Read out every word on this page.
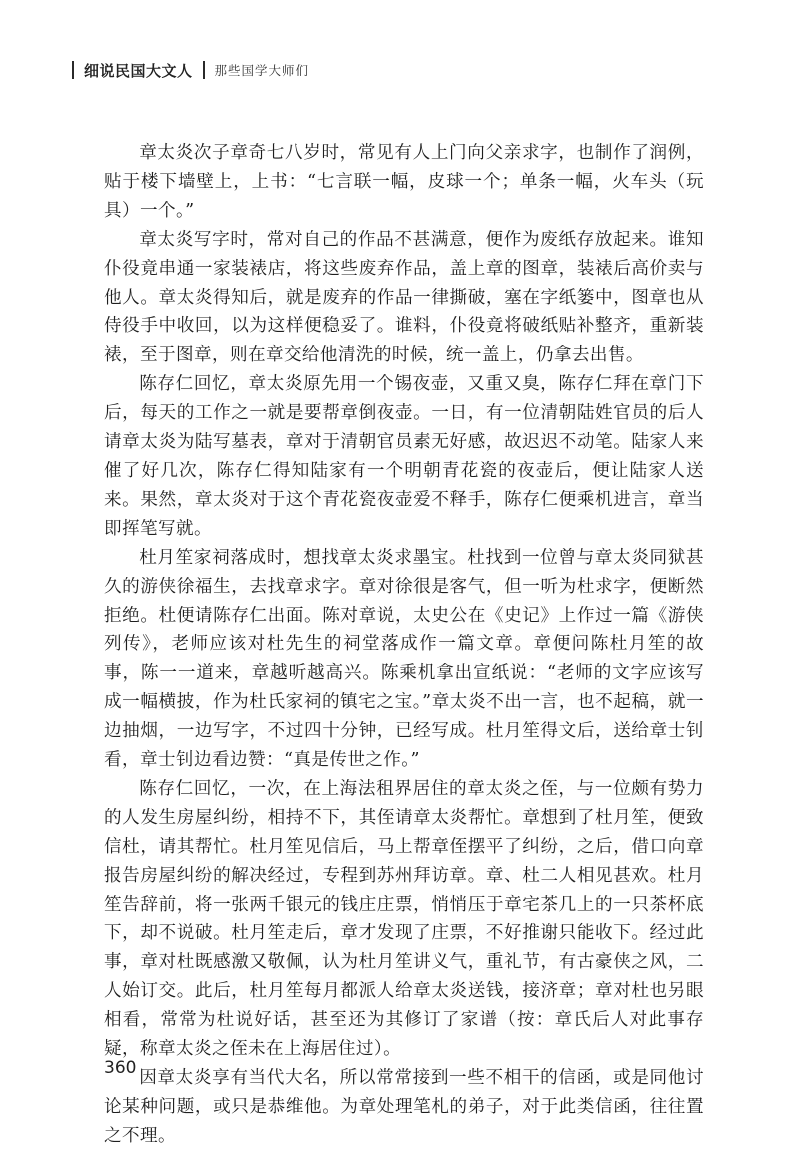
细说民国大文人 那些国学大师们

章太炎次子章奇七八岁时，常见有人上门向父亲求字，也制作了润例，贴于楼下墙壁上，上书：“七言联一幅，皮球一个；单条一幅，火车头（玩具）一个。”

章太炎写字时，常对自己的作品不甚满意，便作为废纸存放起来。谁知仆役竟串通一家装裱店，将这些废弃作品，盖上章的图章，装裱后高价卖与他人。章太炎得知后，就是废弃的作品一律撕破，塞在字纸篓中，图章也从侍役手中收回，以为这样便稳妥了。谁料，仆役竟将破纸贴补整齐，重新装裱，至于图章，则在章交给他清洗的时候，统一盖上，仍拿去出售。

陈存仁回忆，章太炎原先用一个锡夜壶，又重又臭，陈存仁拜在章门下后，每天的工作之一就是要帮章倒夜壶。一日，有一位清朝陆姓官员的后人请章太炎为陆写墓表，章对于清朝官员素无好感，故迟迟不动笔。陆家人来催了好几次，陈存仁得知陆家有一个明朝青花瓷的夜壶后，便让陆家人送来。果然，章太炎对于这个青花瓷夜壶爱不释手，陈存仁便乘机进言，章当即挥笔写就。

杜月笙家祠落成时，想找章太炎求墨宝。杜找到一位曾与章太炎同狱甚久的游侠徐福生，去找章求字。章对徐很是客气，但一听为杜求字，便断然拒绝。杜便请陈存仁出面。陈对章说，太史公在《史记》上作过一篇《游侠列传》，老师应该对杜先生的祠堂落成作一篇文章。章便问陈杜月笙的故事，陈一一道来，章越听越高兴。陈乘机拿出宣纸说：“老师的文字应该写成一幅横披，作为杜氏家祠的镇宅之宝。”章太炎不出一言，也不起稿，就一边抽烟，一边写字，不过四十分钟，已经写成。杜月笙得文后，送给章士钊看，章士钊边看边赞：“真是传世之作。”

陈存仁回忆，一次，在上海法租界居住的章太炎之侄，与一位颇有势力的人发生房屋纠纷，相持不下，其侄请章太炎帮忙。章想到了杜月笙，便致信杜，请其帮忙。杜月笙见信后，马上帮章侄摆平了纠纷，之后，借口向章报告房屋纠纷的解决经过，专程到苏州拜访章。章、杜二人相见甚欢。杜月笙告辞前，将一张两千银元的钱庄庄票，悄悄压于章宅茶几上的一只茶杯底下，却不说破。杜月笙走后，章才发现了庄票，不好推谢只能收下。经过此事，章对杜既感激又敬佩，认为杜月笙讲义气，重礼节，有古豪侠之风，二人始订交。此后，杜月笙每月都派人给章太炎送钱，接济章；章对杜也另眼相看，常常为杜说好话，甚至还为其修订了家谱（按：章氏后人对此事存疑，称章太炎之侄未在上海居住过）。

因章太炎享有当代大名，所以常常接到一些不相干的信函，或是同他讨论某种问题，或只是恭维他。为章处理笔札的弟子，对于此类信函，往往置之不理。

360
